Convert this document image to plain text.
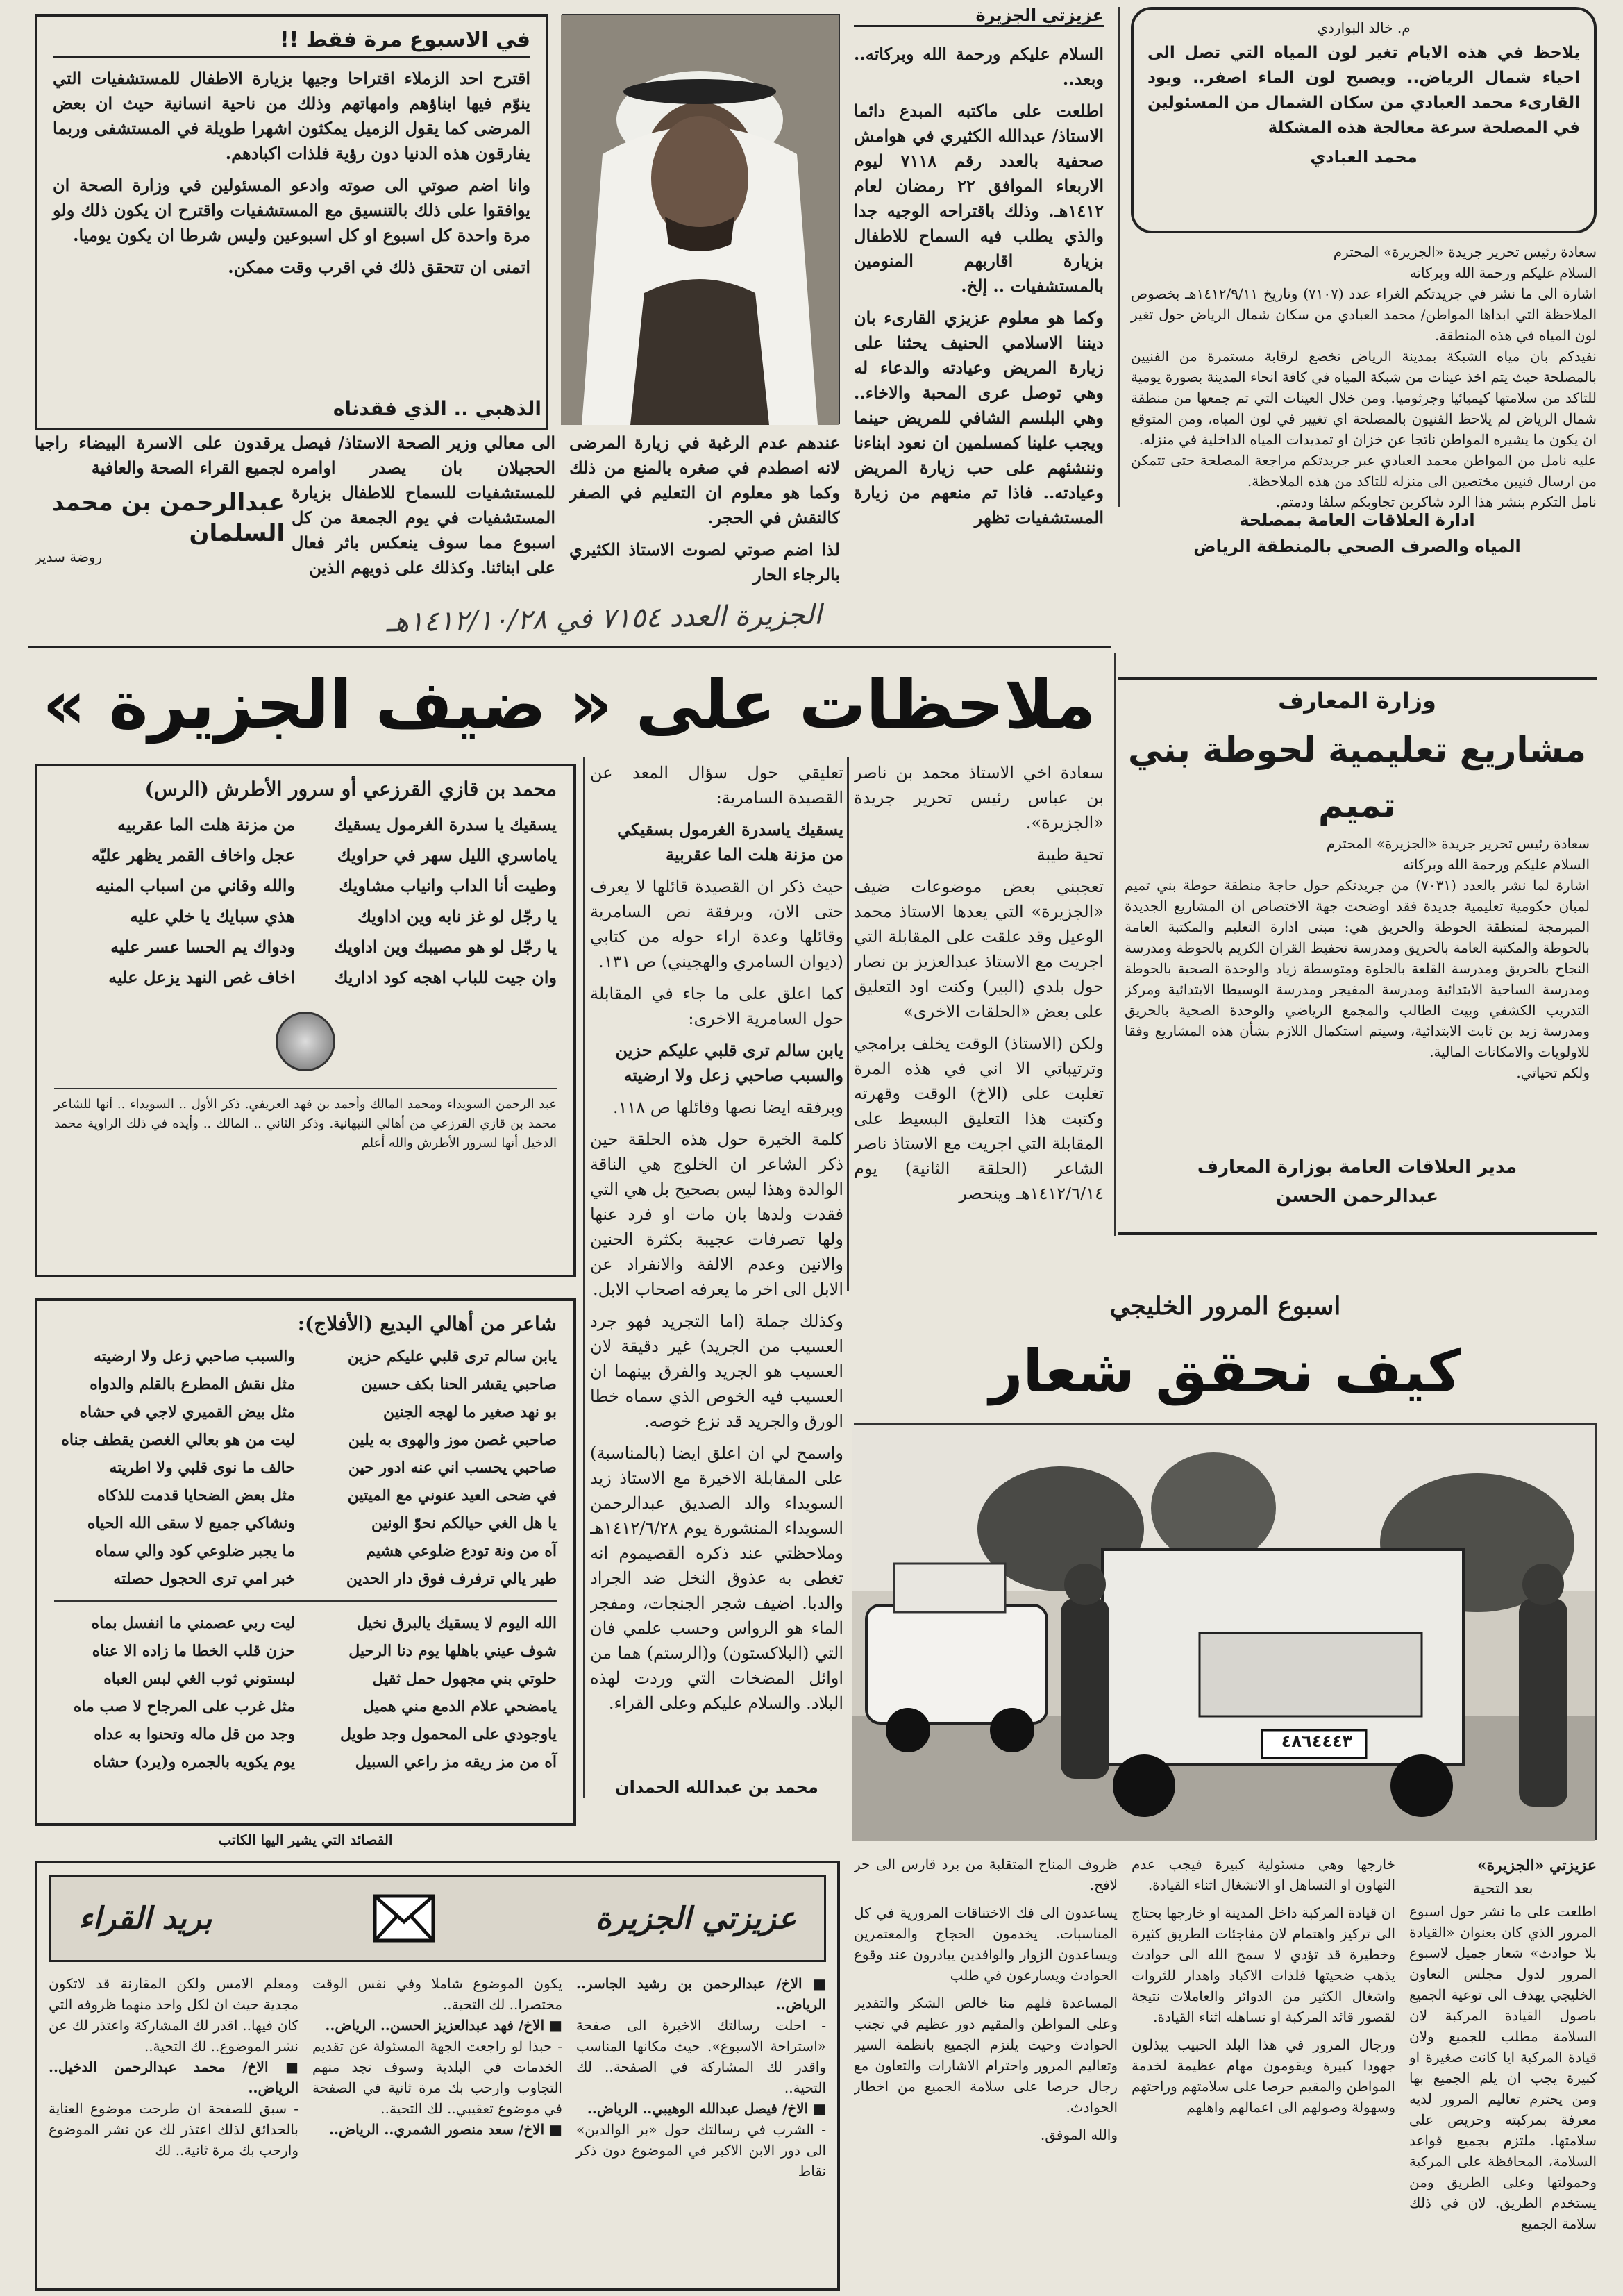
في الاسبوع مرة فقط !!

اقترح احد الزملاء اقتراحا وجيها بزيارة الاطفال للمستشفيات التي ينوّم فيها ابناؤهم وامهاتهم وذلك من ناحية انسانية حيث ان بعض المرضى كما يقول الزميل يمكثون اشهرا طويلة في المستشفى وربما يفارقون هذه الدنيا دون رؤية فلذات اكبادهم.

وانا اضم صوتي الى صوته وادعو المسئولين في وزارة الصحة ان يوافقوا على ذلك بالتنسيق مع المستشفيات واقترح ان يكون ذلك ولو مرة واحدة كل اسبوع او كل اسبوعين وليس شرطا ان يكون يوميا.

اتمنى ان تتحقق ذلك في اقرب وقت ممكن.

الذهبي .. الذي فقدناه
عزيزتي الجزيرة

السلام عليكم ورحمة الله وبركاته.. وبعد..

اطلعت على ماكتبه المبدع دائما الاستاذ/ عبدالله الكثيري في هوامش صحفية بالعدد رقم ٧١١٨ ليوم الاربعاء الموافق ٢٢ رمضان لعام ١٤١٢هـ. وذلك باقتراحه الوجيه جدا والذي يطلب فيه السماح للاطفال بزيارة اقاربهم المنومين بالمستشفيات .. إلخ.

وكما هو معلوم عزيزي القارىء بان ديننا الاسلامي الحنيف يحثنا على زيارة المريض وعيادته والدعاء له وهي توصل عرى المحبة والاخاء.. وهي البلسم الشافي للمريض حينما

ويجب علينا كمسلمين ان نعود ابناءنا وننشئهم على حب زيارة المريض وعيادته.. فاذا تم منعهم من زيارة المستشفيات تظهر

عندهم عدم الرغبة في زيارة المرضى لانه اصطدم في صغره بالمنع من ذلك وكما هو معلوم ان التعليم في الصغر كالنقش في الحجر.

لذا اضم صوتي لصوت الاستاذ الكثيري بالرجاء الحار

الى معالي وزير الصحة الاستاذ/ فيصل الحجيلان بان يصدر اوامره للمستشفيات للسماح للاطفال بزيارة المستشفيات في يوم الجمعة من كل اسبوع مما سوف ينعكس باثر فعال على ابنائنا. وكذلك على ذويهم الذين

يرقدون على الاسرة البيضاء راجيا لجميع القراء الصحة والعافية

عبدالرحمن بن محمد السلمان
روضة سدير
م. خالد البواردي
يلاحظ في هذه الايام تغير لون المياه التي تصل الى احياء شمال الرياض.. ويصبح لون الماء اصفر.. ويود القارىء محمد العبادي من سكان الشمال من المسئولين في المصلحة سرعة معالجة هذه المشكلة
محمد العبادي

سعادة رئيس تحرير جريدة «الجزيرة» المحترم

السلام عليكم ورحمة الله وبركاته

اشارة الى ما نشر في جريدتكم الغراء عدد (٧١٠٧) وتاريخ ١٤١٢/٩/١١هـ بخصوص الملاحظة التي ابداها المواطن/ محمد العبادي من سكان شمال الرياض حول تغير لون المياه في هذه المنطقة.

نفيدكم بان مياه الشبكة بمدينة الرياض تخضع لرقابة مستمرة من الفنيين بالمصلحة حيث يتم اخذ عينات من شبكة المياه في كافة انحاء المدينة بصورة يومية للتاكد من سلامتها كيميائيا وجرثوميا. ومن خلال العينات التي تم جمعها من منطقة شمال الرياض لم يلاحظ الفنيون بالمصلحة اي تغيير في لون المياه، ومن المتوقع ان يكون ما يشيره المواطن ناتجا عن خزان او تمديدات المياه الداخلية في منزله.

عليه نامل من المواطن محمد العبادي عبر جريدتكم مراجعة المصلحة حتى تتمكن من ارسال فنيين مختصين الى منزله للتاكد من هذه الملاحظة.

نامل التكرم بنشر هذا الرد شاكرين تجاوبكم سلفا ودمتم.

ادارة العلاقات العامة بمصلحة
المياه والصرف الصحي بالمنطقة الرياض
الجزيرة العدد ٧١٥٤ في ١٤١٢/١٠/٢٨هـ
ملاحظات على « ضيف الجزيرة »	وزارة المعارف
مشاريع تعليمية لحوطة بني تميم

سعادة رئيس تحرير جريدة «الجزيرة» المحترم

السلام عليكم ورحمة الله وبركاته

اشارة لما نشر بالعدد (٧٠٣١) من جريدتكم حول حاجة منطقة حوطة بني تميم لمبان حكومية تعليمية جديدة فقد اوضحت جهة الاختصاص ان المشاريع الجديدة المبرمجة لمنطقة الحوطة والحريق هي: مبنى ادارة التعليم والمكتبة العامة بالحوطة والمكتبة العامة بالحريق ومدرسة تحفيظ القران الكريم بالحوطة ومدرسة النجاح بالحريق ومدرسة القلعة بالحلوة ومتوسطة زياد والوحدة الصحية بالحوطة ومدرسة الساحية الابتدائية ومدرسة المفيجر ومدرسة الوسيطا الابتدائية ومركز التدريب الكشفي وبيت الطالب والمجمع الرياضي والوحدة الصحية بالحريق ومدرسة زيد بن ثابت الابتدائية، وسيتم استكمال اللازم بشأن هذه المشاريع وفقا للاولويات والامكانات المالية.

ولكم تحياتي.

مدير العلاقات العامة بوزارة المعارف
عبدالرحمن الحسن

سعادة اخي الاستاذ محمد بن ناصر بن عباس رئيس تحرير جريدة «الجزيرة».

تحية طيبة

تعجبني بعض موضوعات ضيف «الجزيرة» التي يعدها الاستاذ محمد الوعيل وقد علقت على المقابلة التي اجريت مع الاستاذ عبدالعزيز بن نصار حول بلدي (البير) وكنت اود التعليق على بعض «الحلقات الاخرى»

ولكن (الاستاذ) الوقت يخلف برامجي وترتيباتي الا اني في هذه المرة تغلبت على (الاخ) الوقت وقهرته وكتبت هذا التعليق البسيط على المقابلة التي اجريت مع الاستاذ ناصر الشاعر (الحلقة الثانية) يوم ١٤١٢/٦/١٤هـ وينحصر

تعليقي حول سؤال المعد عن القصيدة السامرية:

يسقيك ياسدرة الغرمول بسقيكي

من مزنة هلت الما عقربية

حيث ذكر ان القصيدة قائلها لا يعرف حتى الان، وبرفقة نص السامرية وقائلها وعدة اراء حوله من كتابي (ديوان السامري والهجيني) ص ١٣١.

كما اعلق على ما جاء في المقابلة حول السامرية الاخرى:

يابن سالم ترى قلبي عليكم حزين

والسبب صاحبي زعل ولا ارضيته

وبرفقه ايضا نصها وقائلها ص ١١٨.

كلمة الخيرة حول هذه الحلقة حين ذكر الشاعر ان الخلوج هي الناقة الوالدة وهذا ليس بصحيح بل هي التي فقدت ولدها بان مات او فرد عنها ولها تصرفات عجيبة بكثرة الحنين والانين وعدم الالفة والانفراد عن الابل الى اخر ما يعرفه اصحاب الابل.

وكذلك جملة (اما التجريد فهو جرد العسيب من الجريد) غير دقيقة لان العسيب هو الجريد والفرق بينهما ان العسيب فيه الخوص الذي سماه خطا الورق والجريد قد نزع خوصه.

واسمح لي ان اعلق ايضا (بالمناسبة) على المقابلة الاخيرة مع الاستاذ زيد السويداء والد الصديق عبدالرحمن السويداء المنشورة يوم ١٤١٢/٦/٢٨هـ وملاحظتي عند ذكره القصيموم انه تغطى به عذوق النخل ضد الجراد والدبا. اضيف شجر الجنجات، ومفجر الماء هو الرواس وحسب علمي فان التي (البلاكستون) و(الرستم) هما من اوائل المضخات التي وردت لهذه البلاد. والسلام عليكم وعلى القراء.

محمد بن عبدالله الحمدان
محمد بن قازي القرزعي أو سرور الأطرش (الرس)
يسقيك يا سدرة الغرمول يسقيك
من مزنة هلت الما عقربيه
ياماسري الليل سهر في حراويك
عجل واخاف القمر يظهر عليّه
وطيت أنا الداب وانياب مشاويك
والله وقاني من اسباب المنيه
يا رجّل لو غز نابه وين اداويك
هذي سبايك يا خلي عليه
يا رجّل لو هو مصيبك وين اداويك
ودواك يم الحسا عسر عليه
وان جيت للباب اهجه كود اداريك
اخاف غص النهد يزعل عليه
عبد الرحمن السويداء ومحمد المالك وأحمد بن فهد العريفي. ذكر الأول .. السويداء .. أنها للشاعر محمد بن قازي القرزعي من أهالي النبهانية. وذكر الثاني .. المالك .. وأيده في ذلك الراوية محمد الدخيل أنها لسرور الأطرش والله أعلم
شاعر من أهالي البديع (الأفلاج):
يابن سالم ترى قلبي عليكم حزين
والسبب صاحبي زعل ولا ارضيته
صاحبي يقشر الحنا بكف حسين
مثل نقش المطرع بالقلم والدواه
بو نهد صغير ما لهجه الجنين
مثل بيض القميري لاجي في حشاه
صاحبي غصن موز والهوى به يلين
ليت من هو بعالي الغصن يقطف جناه
صاحبي يحسب اني عنه ادور حين
حالف ما نوى قلبي ولا اطريته
في ضحى العيد عنوني مع الميتين
مثل بعض الضحايا قدمت للذكاه
يا هل الغي حيالكم نحوّ الونين
ونشاكي جميع لا سقى الله الحياه
آه من ونة تودع ضلوعي هشيم
ما يجبر ضلوعي كود والي سماه
طير يالي ترفرف فوق دار الحدين
خبر امي ترى الحجول حصلته
الله اليوم لا يسقيك يالبرق نخيل
ليت ربي عصمني ما انفسل بماه
شوف عيني باهلها يوم دنا الرحيل
حزن قلب الخطا ما زاده الا عناه
حلوتي بني مجهول حمل ثقيل
لبستوني ثوب الغي لبس العباه
يامضحي علام الدمع مني هميل
مثل غرب على المرجاح لا صب ماه
ياوجودي على المحمول وجد طويل
وجد من قل ماله وتحنوا به عداه
آه من مز ريقه مز راعي السبيل
يوم يكويه بالجمره و(يرد) حشاه
القصائد التي يشير اليها الكاتب
اسبوع المرور الخليجي
كيف نحقق شعار
٤٨٦٤٤٤٣
عزيزتي «الجزيرة»
بعد التحية

اطلعت على ما نشر حول اسبوع المرور الذي كان بعنوان «القيادة بلا حوادث» شعار جميل لاسبوع المرور لدول مجلس التعاون الخليجي يهدف الى توعية الجميع باصول القيادة المركبة لان السلامة مطلب للجميع ولان قيادة المركبة ايا كانت صغيرة او كبيرة يجب ان يلم الجميع بها ومن يحترم تعاليم المرور لديه معرفة بمركبته وحريص على سلامتها. ملتزم بجميع قواعد السلامة، المحافظة على المركبة وحمولتها وعلى الطريق ومن يستخدم الطريق. لان في ذلك سلامة الجميع

خارجها وهي مسئولية كبيرة فيجب عدم التهاون او التساهل او الانشغال اثناء القيادة.

ان قيادة المركبة داخل المدينة او خارجها يحتاج الى تركيز واهتمام لان مفاجئات الطريق كثيرة وخطيرة قد تؤدي لا سمح الله الى حوادث يذهب ضحيتها فلذات الاكباد واهدار للثروات واشغال الكثير من الدوائر والعاملات نتيجة لقصور قائد المركبة او تساهله اثناء القيادة.

ورجال المرور في هذا البلد الحبيب يبذلون جهودا كبيرة ويقومون مهام عظيمة لخدمة المواطن والمقيم حرصا على سلامتهم وراحتهم وسهولة وصولهم الى اعمالهم واهلهم

ظروف المناخ المتقلبة من برد قارس الى حر لافح.

يساعدون الى فك الاختناقات المرورية في كل المناسبات. يخدمون الحجاج والمعتمرين ويساعدون الزوار والوافدين يبادرون عند وقوع الحوادث ويسارعون في طلب

المساعدة فلهم منا خالص الشكر والتقدير وعلى المواطن والمقيم دور عظيم في تجنب الحوادث وحيث يلتزم الجميع بانظمة السير وتعاليم المرور واحترام الاشارات والتعاون مع رجال حرصا على سلامة الجميع من اخطار الحوادث.

والله الموفق.

عزيزتي الجزيرة
بريد القراء

■ الاخ/ عبدالرحمن بن رشيد الجاسر.. الرياض..

- احلت رسالتك الاخيرة الى صفحة «استراحة الاسبوع». حيث مكانها المناسب واقدر لك المشاركة في الصفحة.. لك التحية..

■ الاخ/ فيصل عبدالله الوهيبي.. الرياض..

- الشرب في رسالتك حول «بر الوالدين» الى دور الابن الاكبر في الموضوع دون ذكر نقاط

يكون الموضوع شاملا وفي نفس الوقت مختصرا.. لك التحية..

■ الاخ/ فهد عبدالعزيز الحسن.. الرياض..

- حبذا لو راجعت الجهة المسئولة عن تقديم الخدمات في البلدية وسوف تجد منهم التجاوب وارحب بك مرة ثانية في الصفحة في موضوع تعقيبي.. لك التحية..

■ الاخ/ سعد منصور الشمري.. الرياض..

ومعلم الامس ولكن المقارنة قد لاتكون مجدية حيث ان لكل واحد منهما ظروفه التي كان فيها.. اقدر لك المشاركة واعتذر لك عن نشر الموضوع.. لك التحية..

■ الاخ/ محمد عبدالرحمن الدخيل.. الرياض..

- سبق للصفحة ان طرحت موضوع العناية بالحدائق لذلك اعتذر لك عن نشر الموضوع وارحب بك مرة ثانية.. لك
